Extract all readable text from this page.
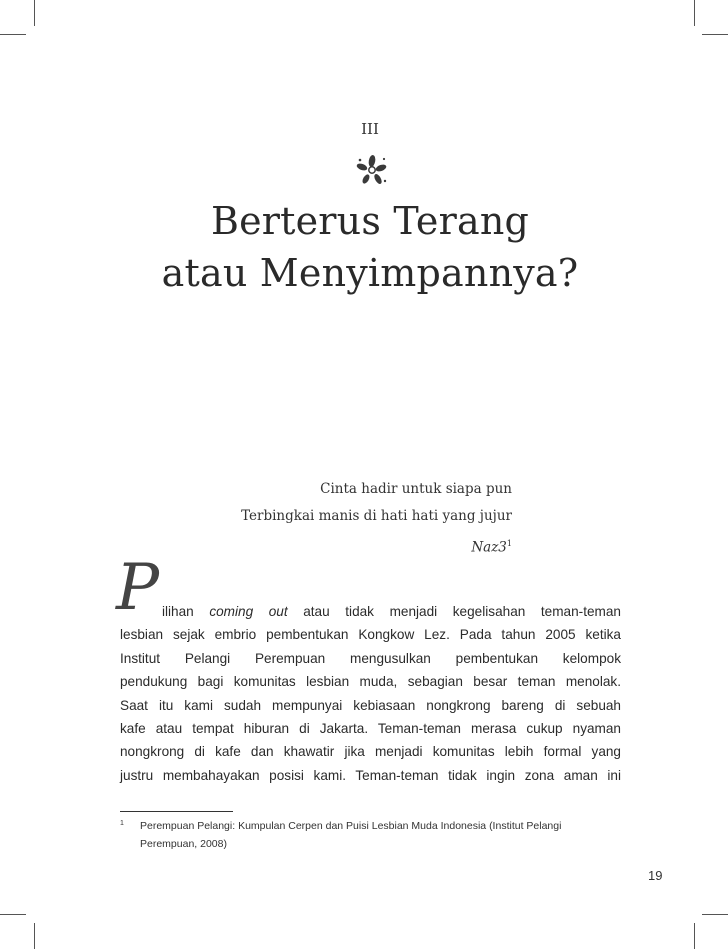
III
Berterus Terang
atau Menyimpannya?
Cinta hadir untuk siapa pun
Terbingkai manis di hati hati yang jujur
$Naz3^1$
P ilihan coming out atau tidak menjadi kegelisahan teman-teman
lesbian sejak embrio pembentukan Kongkow Lez. Pada tahun 2005 ketika
Institut Pelangi Perempuan mengusulkan pembentukan kelompok
pendukung bagi komunitas lesbian muda, sebagian besar teman menolak.
Saat itu kami sudah mempunyai kebiasaan nongkrong bareng di sebuah
kafe atau tempat hiburan di Jakarta. Teman-teman merasa cukup nyaman
nongkrong di kafe dan khawatir jika menjadi komunitas lebih formal yang
justru membahayakan posisi kami. Teman-teman tidak ingin zona aman ini
1	Perempuan Pelangi: Kumpulan Cerpen dan Puisi Lesbian Muda Indonesia (Institut Pelangi Perempuan, 2008)
19
